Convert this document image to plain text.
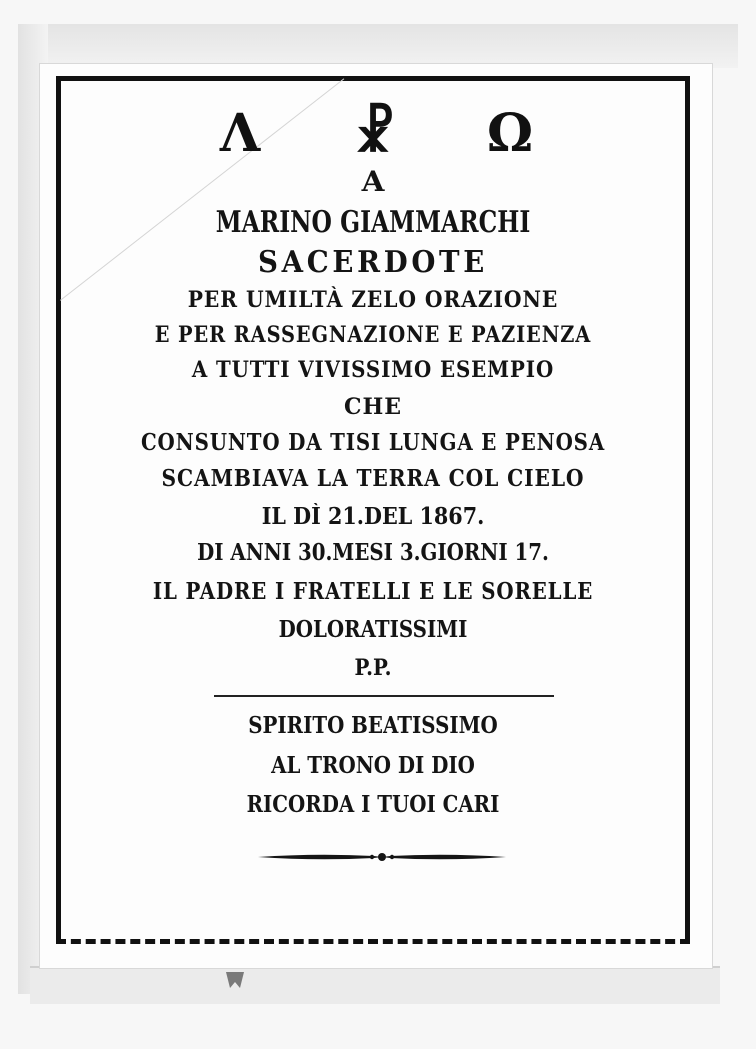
Λ ☧ Ω
A
MARINO GIAMMARCHI
SACERDOTE
PER UMILTÀ ZELO ORAZIONE
E PER RASSEGNAZIONE E PAZIENZA
A TUTTI VIVISSIMO ESEMPIO
CHE
CONSUNTO DA TISI LUNGA E PENOSA
SCAMBIAVA LA TERRA COL CIELO
IL DÌ 21.DEL 1867.
DI ANNI 30.MESI 3.GIORNI 17.
IL PADRE I FRATELLI E LE SORELLE
DOLORATISSIMI
P.P.
SPIRITO BEATISSIMO
AL TRONO DI DIO
RICORDA I TUOI CARI
